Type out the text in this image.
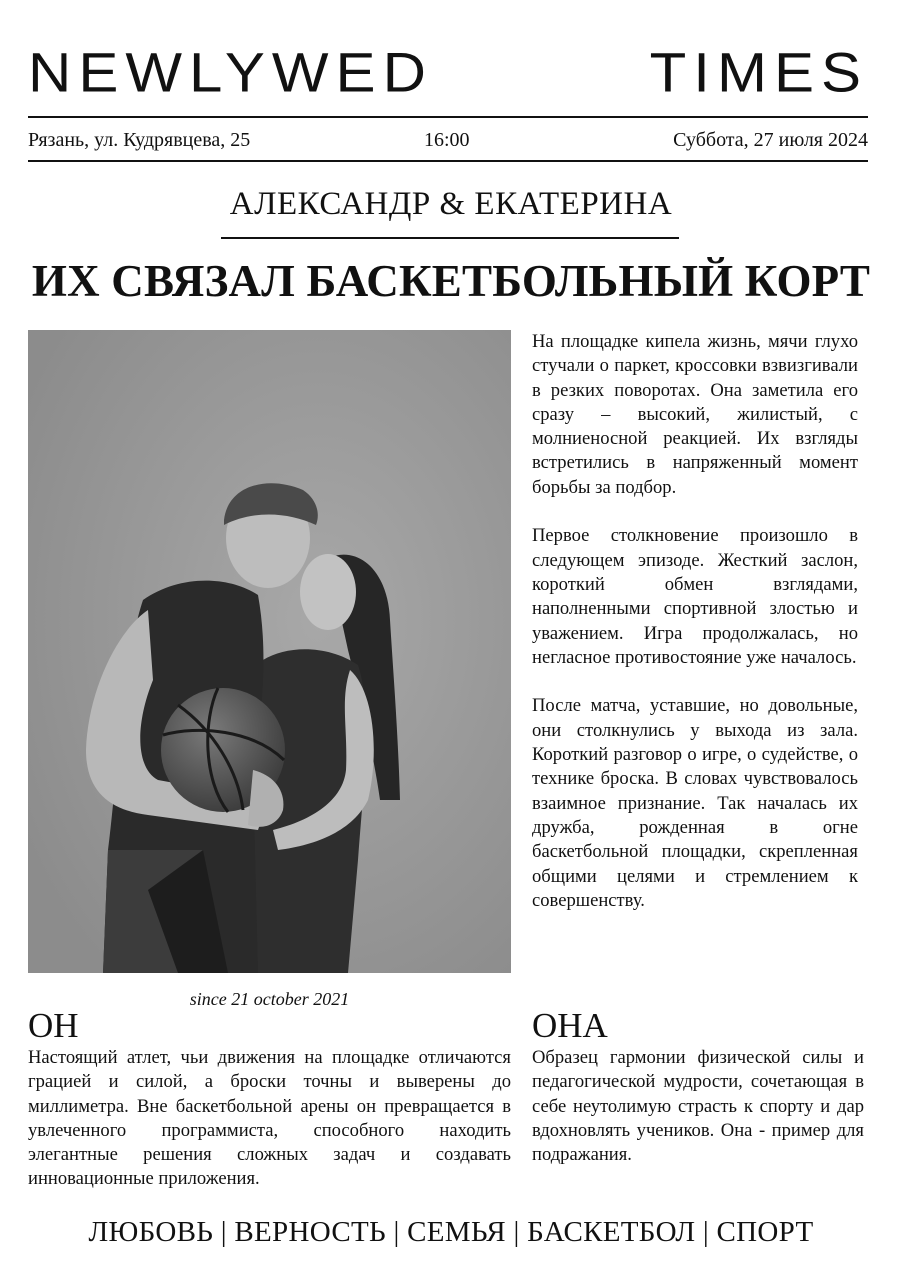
NEWLYWED TIMES
Рязань, ул. Кудрявцева, 25	16:00	Суббота, 27 июля 2024
АЛЕКСАНДР & ЕКАТЕРИНА
ИХ СВЯЗАЛ БАСКЕТБОЛЬНЫЙ КОРТ
since 21 october 2021

На площадке кипела жизнь, мячи глухо стучали о паркет, кроссовки взвизгивали в резких поворотах. Она заметила его сразу – высокий, жилистый, с молниеносной реакцией. Их взгляды встретились в напряженный момент борьбы за подбор.

Первое столкновение произошло в следующем эпизоде. Жесткий заслон, короткий обмен взглядами, наполненными спортивной злостью и уважением. Игра продолжалась, но негласное противостояние уже началось.

После матча, уставшие, но довольные, они столкнулись у выхода из зала. Короткий разговор о игре, о судействе, о технике броска. В словах чувствовалось взаимное признание. Так началась их дружба, рожденная в огне баскетбольной площадки, скрепленная общими целями и стремлением к совершенству.

ОН
Настоящий атлет, чьи движения на площадке отличаются грацией и силой, а броски точны и выверены до миллиметра. Вне баскетбольной арены он превращается в увлеченного программиста, способного находить элегантные решения сложных задач и создавать инновационные приложения.
ОНА
Образец гармонии физической силы и педагогической мудрости, сочетающая в себе неутолимую страсть к спорту и дар вдохновлять учеников. Она - пример для подражания.
ЛЮБОВЬ | ВЕРНОСТЬ | СЕМЬЯ | БАСКЕТБОЛ | СПОРТ
